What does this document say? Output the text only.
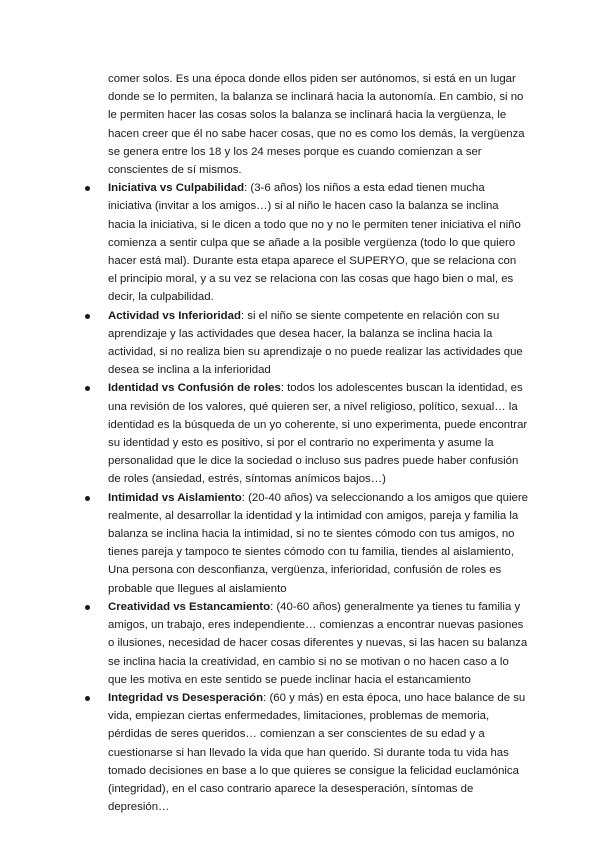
comer solos. Es una época donde ellos piden ser autónomos, si está en un lugar donde se lo permiten, la balanza se inclinará hacia la autonomía. En cambio, si no le permiten hacer las cosas solos la balanza se inclinará hacia la vergüenza, le hacen creer que él no sabe hacer cosas, que no es como los demás, la vergüenza se genera entre los 18 y los 24 meses porque es cuando comienzan a ser conscientes de sí mismos.

Iniciativa vs Culpabilidad: (3-6 años) los niños a esta edad tienen mucha iniciativa (invitar a los amigos…) si al niño le hacen caso la balanza se inclina hacia la iniciativa, si le dicen a todo que no y no le permiten tener iniciativa el niño comienza a sentir culpa que se añade a la posible vergüenza (todo lo que quiero hacer está mal). Durante esta etapa aparece el SUPERYO, que se relaciona con el principio moral, y a su vez se relaciona con las cosas que hago bien o mal, es decir, la culpabilidad.
Actividad vs Inferioridad: si el niño se siente competente en relación con su aprendizaje y las actividades que desea hacer, la balanza se inclina hacia la actividad, si no realiza bien su aprendizaje o no puede realizar las actividades que desea se inclina a la inferioridad
Identidad vs Confusión de roles: todos los adolescentes buscan la identidad, es una revisión de los valores, qué quieren ser, a nivel religioso, político, sexual… la identidad es la búsqueda de un yo coherente, si uno experimenta, puede encontrar su identidad y esto es positivo, si por el contrario no experimenta y asume la personalidad que le dice la sociedad o incluso sus padres puede haber confusión de roles (ansiedad, estrés, síntomas anímicos bajos…)
Intimidad vs Aislamiento: (20-40 años) va seleccionando a los amigos que quiere realmente, al desarrollar la identidad y la intimidad con amigos, pareja y familia la balanza se inclina hacia la intimidad, si no te sientes cómodo con tus amigos, no tienes pareja y tampoco te sientes cómodo con tu familia, tiendes al aislamiento, Una persona con desconfianza, vergüenza, inferioridad, confusión de roles es probable que llegues al aislamiento
Creatividad vs Estancamiento: (40-60 años) generalmente ya tienes tu familia y amigos, un trabajo, eres independiente… comienzas a encontrar nuevas pasiones o ilusiones, necesidad de hacer cosas diferentes y nuevas, si las hacen su balanza se inclina hacia la creatividad, en cambio si no se motivan o no hacen caso a lo que les motiva en este sentido se puede inclinar hacia el estancamiento
Integridad vs Desesperación: (60 y más) en esta época, uno hace balance de su vida, empiezan ciertas enfermedades, limitaciones, problemas de memoria, pérdidas de seres queridos… comienzan a ser conscientes de su edad y a cuestionarse si han llevado la vida que han querido. Si durante toda tu vida has tomado decisiones en base a lo que quieres se consigue la felicidad euclamónica (integridad), en el caso contrario aparece la desesperación, síntomas de depresión…
